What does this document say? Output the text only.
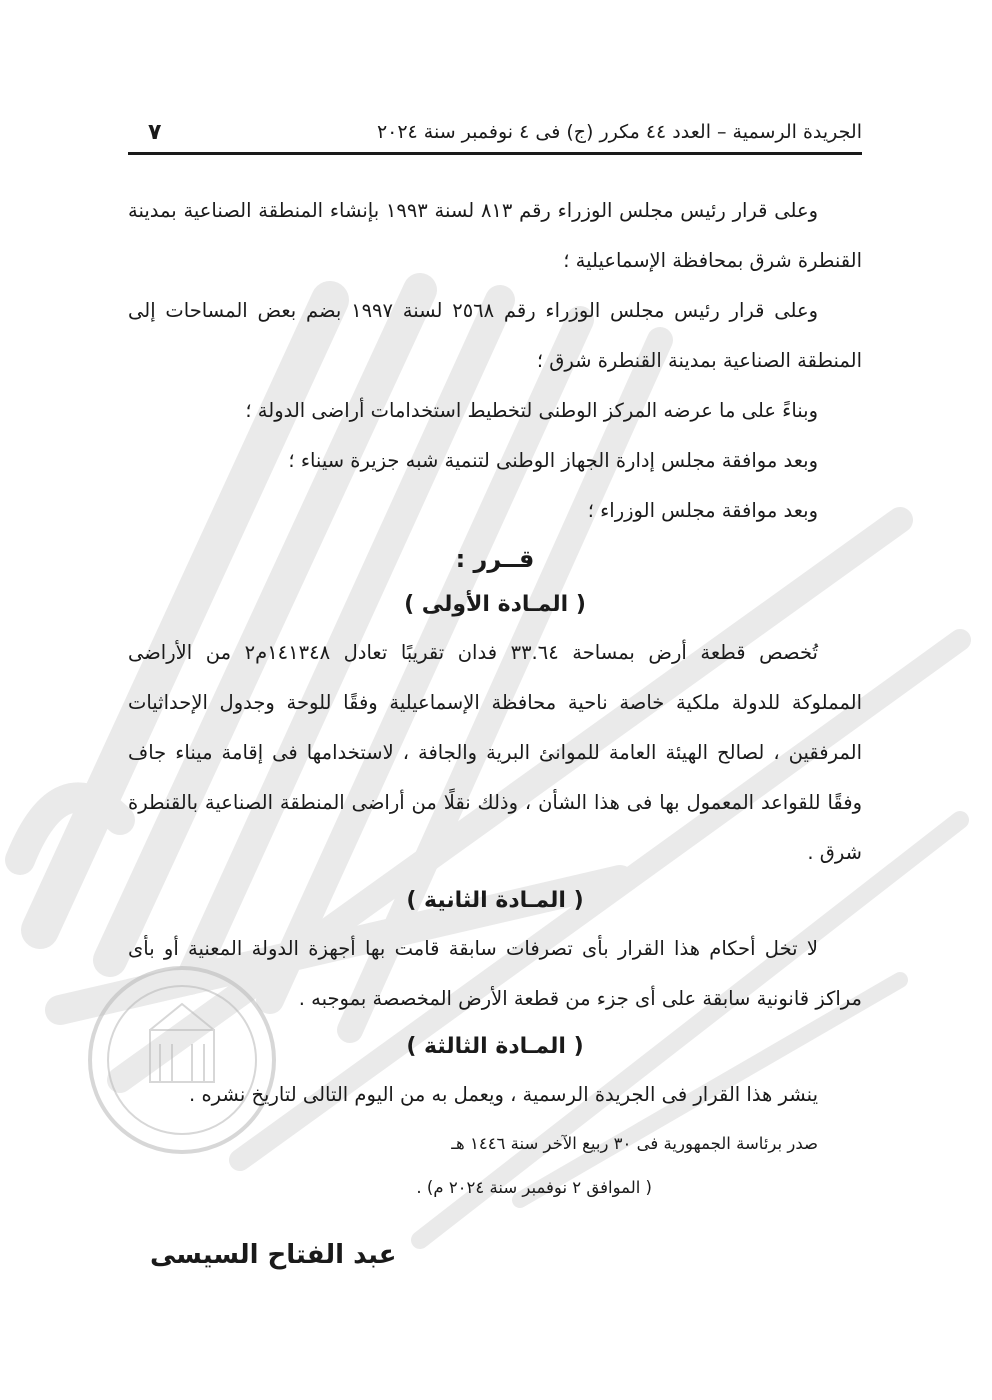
الجريدة الرسمية – العدد ٤٤ مكرر (ج) فى ٤ نوفمبر سنة ٢٠٢٤
٧

وعلى قرار رئيس مجلس الوزراء رقم ٨١٣ لسنة ١٩٩٣ بإنشاء المنطقة الصناعية بمدينة القنطرة شرق بمحافظة الإسماعيلية ؛

وعلى قرار رئيس مجلس الوزراء رقم ٢٥٦٨ لسنة ١٩٩٧ بضم بعض المساحات إلى المنطقة الصناعية بمدينة القنطرة شرق ؛

وبناءً على ما عرضه المركز الوطنى لتخطيط استخدامات أراضى الدولة ؛

وبعد موافقة مجلس إدارة الجهاز الوطنى لتنمية شبه جزيرة سيناء ؛

وبعد موافقة مجلس الوزراء ؛

قــرر :

( المـادة الأولى )

تُخصص قطعة أرض بمساحة ٣٣.٦٤ فدان تقريبًا تعادل ١٤١٣٤٨م٢ من الأراضى المملوكة للدولة ملكية خاصة ناحية محافظة الإسماعيلية وفقًا للوحة وجدول الإحداثيات المرفقين ، لصالح الهيئة العامة للموانئ البرية والجافة ، لاستخدامها فى إقامة ميناء جاف وفقًا للقواعد المعمول بها فى هذا الشأن ، وذلك نقلًا من أراضى المنطقة الصناعية بالقنطرة شرق .

( المـادة الثانية )

لا تخل أحكام هذا القرار بأى تصرفات سابقة قامت بها أجهزة الدولة المعنية أو بأى مراكز قانونية سابقة على أى جزء من قطعة الأرض المخصصة بموجبه .

( المـادة الثالثة )

ينشر هذا القرار فى الجريدة الرسمية ، ويعمل به من اليوم التالى لتاريخ نشره .

صدر برئاسة الجمهورية فى ٣٠ ربيع الآخر سنة ١٤٤٦ هـ

( الموافق ٢ نوفمبر سنة ٢٠٢٤ م) .

عبد الفتاح السيسى
